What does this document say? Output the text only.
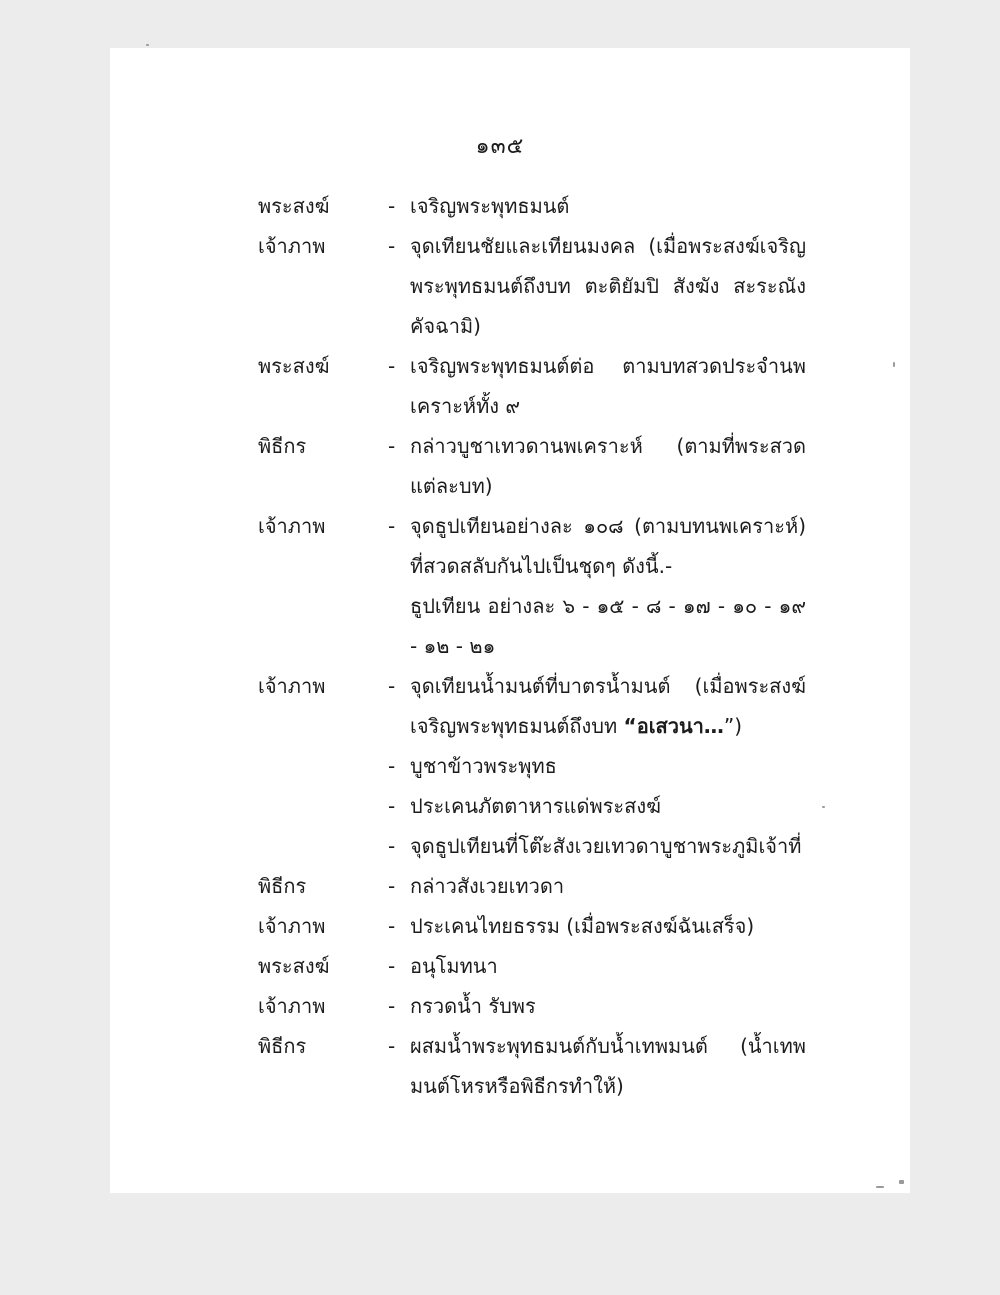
๑๓๕
พระสงฆ์	- เจริญพระพุทธมนต์
เจ้าภาพ	- จุดเทียนชัยและเทียนมงคล (เมื่อพระสงฆ์เจริญพระพุทธมนต์ถึงบท ตะติยัมปิ สังฆัง สะระณัง คัจฉามิ)
พระสงฆ์	- เจริญพระพุทธมนต์ต่อ ตามบทสวดประจำนพเคราะห์ทั้ง ๙
พิธีกร	- กล่าวบูชาเทวดานพเคราะห์ (ตามที่พระสวดแต่ละบท)
เจ้าภาพ	- จุดธูปเทียนอย่างละ ๑๐๘ (ตามบทนพเคราะห์) ที่สวดสลับกันไปเป็นชุดๆ ดังนี้.-
ธูปเทียน อย่างละ ๖ - ๑๕ - ๘ - ๑๗ - ๑๐ - ๑๙ - ๑๒ - ๒๑
เจ้าภาพ	- จุดเทียนน้ำมนต์ที่บาตรน้ำมนต์ (เมื่อพระสงฆ์เจริญพระพุทธมนต์ถึงบท “อเสวนา…”)
- บูชาข้าวพระพุทธ
- ประเคนภัตตาหารแด่พระสงฆ์
- จุดธูปเทียนที่โต๊ะสังเวยเทวดาบูชาพระภูมิเจ้าที่
พิธีกร	- กล่าวสังเวยเทวดา
เจ้าภาพ	- ประเคนไทยธรรม (เมื่อพระสงฆ์ฉันเสร็จ)
พระสงฆ์	- อนุโมทนา
เจ้าภาพ	- กรวดน้ำ รับพร
พิธีกร	- ผสมน้ำพระพุทธมนต์กับน้ำเทพมนต์ (น้ำเทพมนต์โหรหรือพิธีกรทำให้)
